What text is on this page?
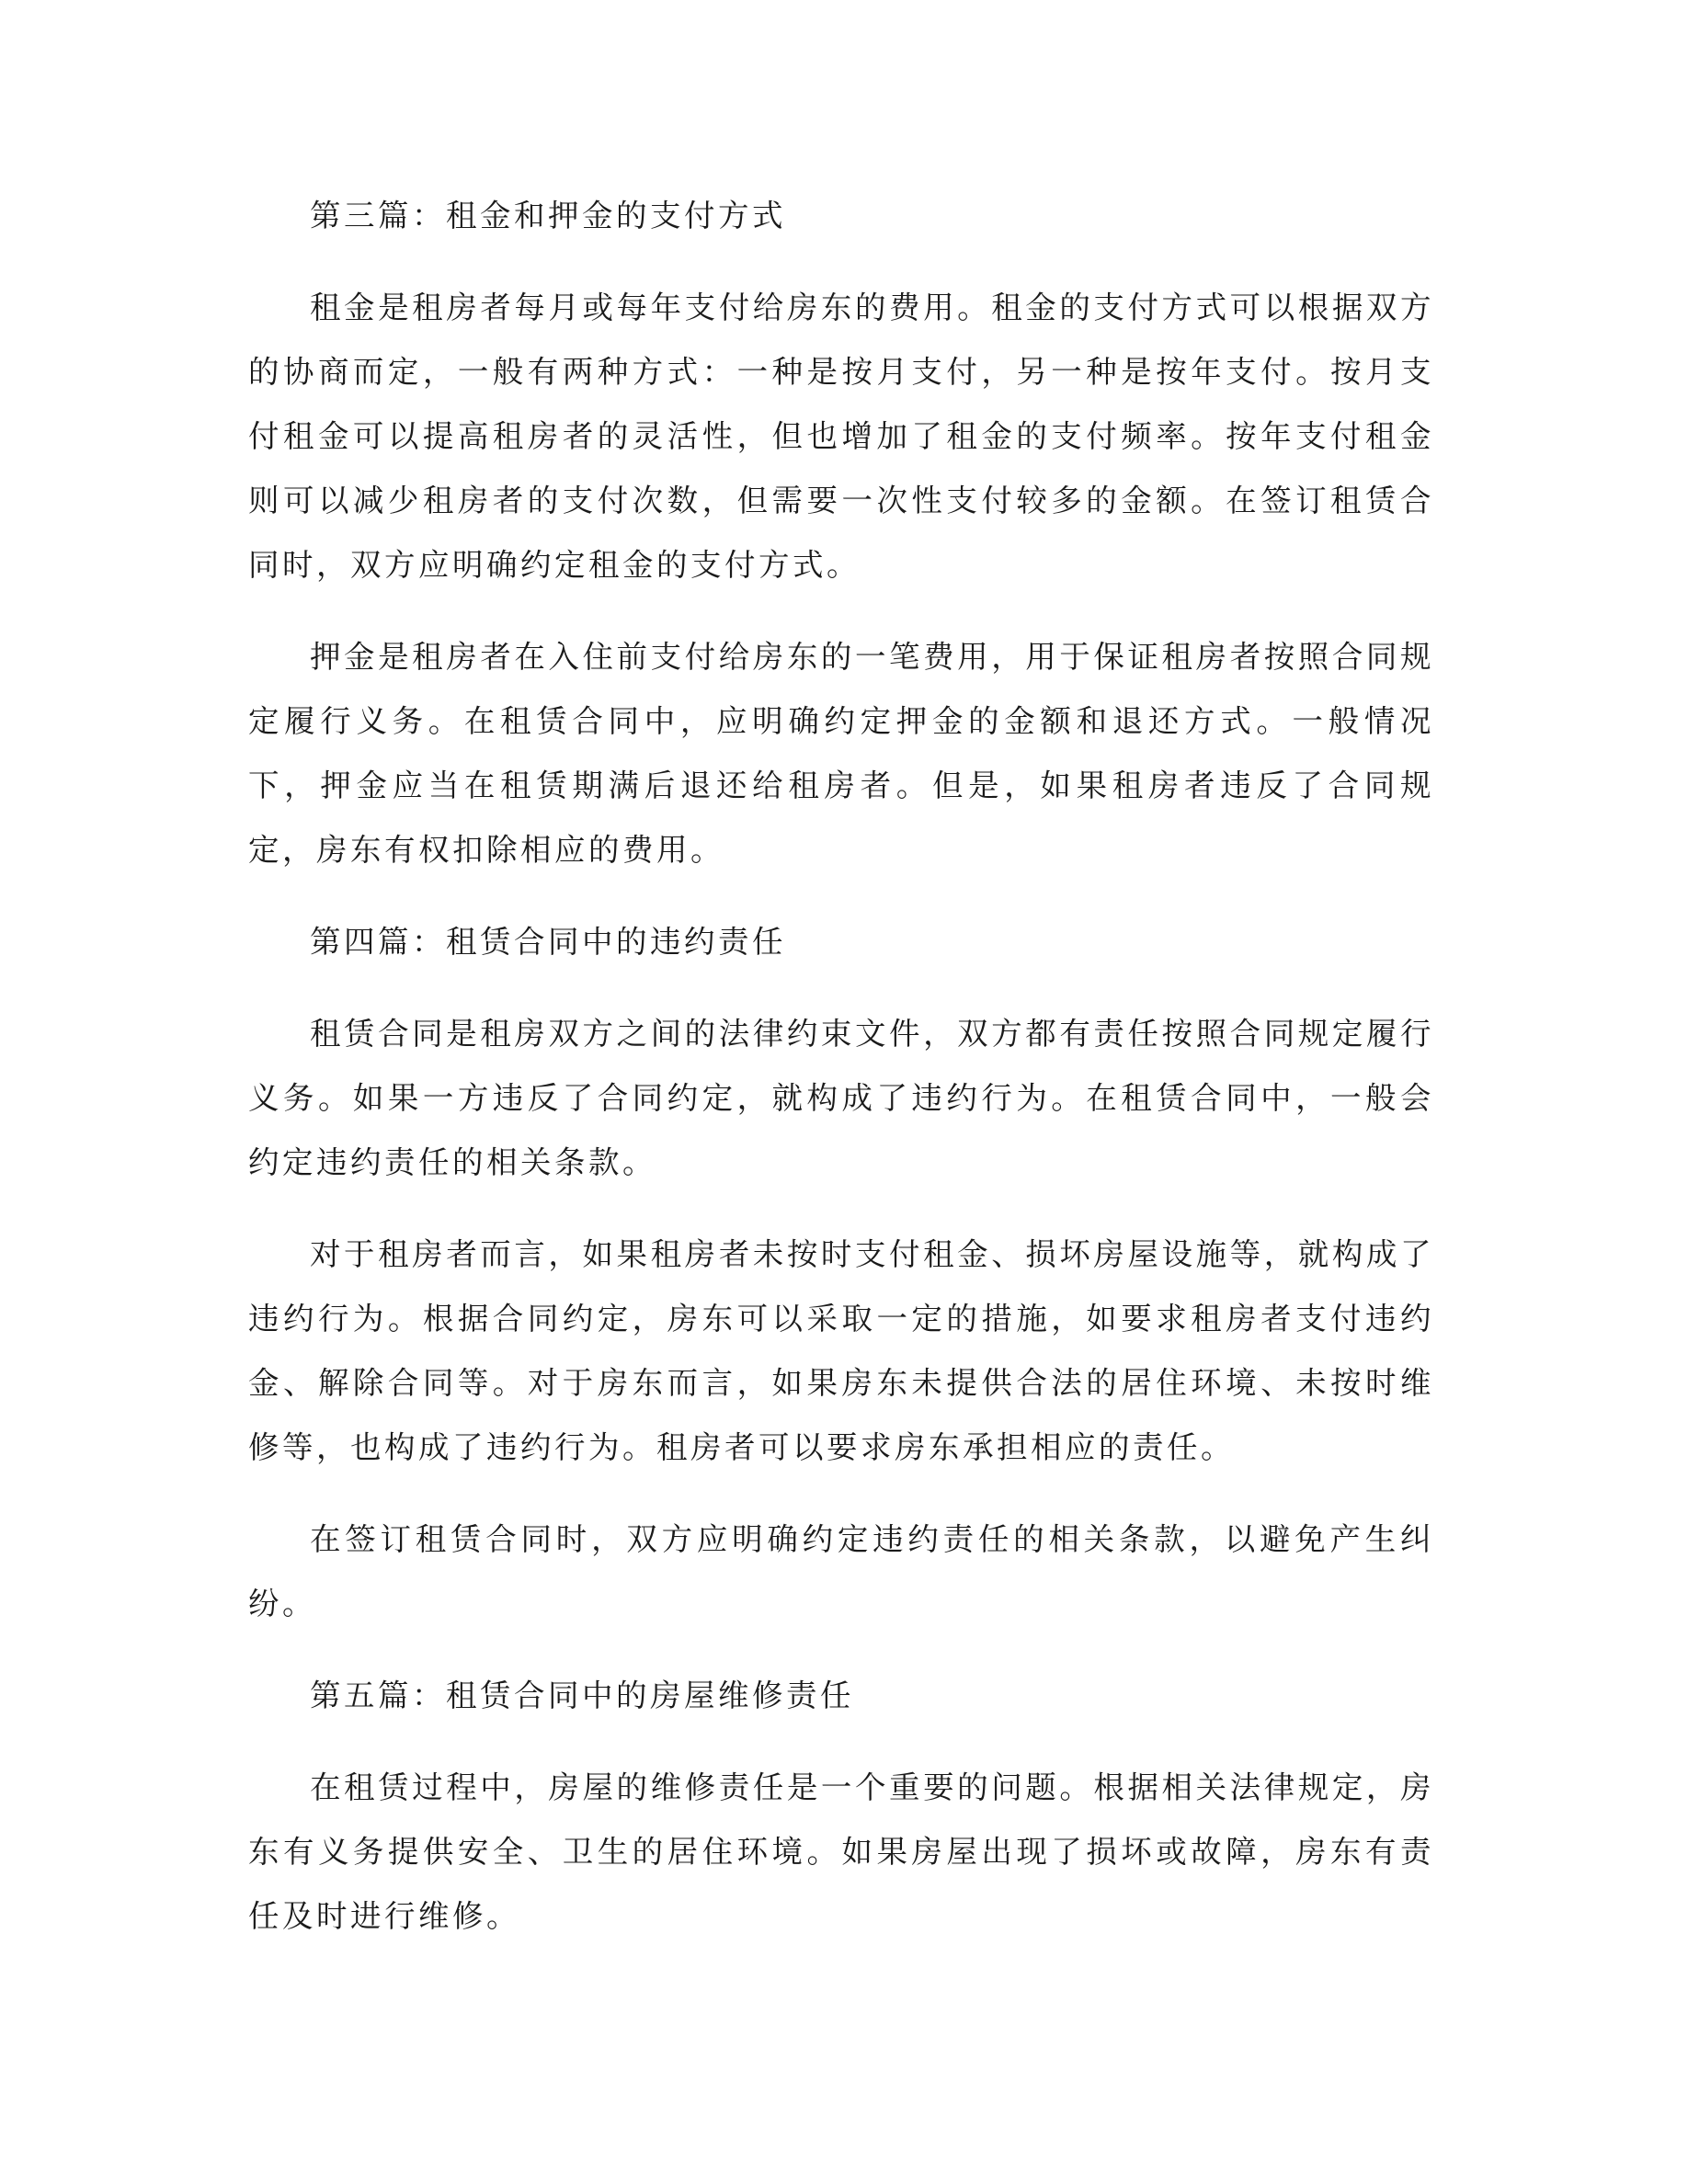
第三篇：租金和押金的支付方式
租金是租房者每月或每年支付给房东的费用。租金的支付方式可以根据双方的协商而定，一般有两种方式：一种是按月支付，另一种是按年支付。按月支付租金可以提高租房者的灵活性，但也增加了租金的支付频率。按年支付租金则可以减少租房者的支付次数，但需要一次性支付较多的金额。在签订租赁合同时，双方应明确约定租金的支付方式。
押金是租房者在入住前支付给房东的一笔费用，用于保证租房者按照合同规定履行义务。在租赁合同中，应明确约定押金的金额和退还方式。一般情况下，押金应当在租赁期满后退还给租房者。但是，如果租房者违反了合同规定，房东有权扣除相应的费用。
第四篇：租赁合同中的违约责任
租赁合同是租房双方之间的法律约束文件，双方都有责任按照合同规定履行义务。如果一方违反了合同约定，就构成了违约行为。在租赁合同中，一般会约定违约责任的相关条款。
对于租房者而言，如果租房者未按时支付租金、损坏房屋设施等，就构成了违约行为。根据合同约定，房东可以采取一定的措施，如要求租房者支付违约金、解除合同等。对于房东而言，如果房东未提供合法的居住环境、未按时维修等，也构成了违约行为。租房者可以要求房东承担相应的责任。
在签订租赁合同时，双方应明确约定违约责任的相关条款，以避免产生纠纷。
第五篇：租赁合同中的房屋维修责任
在租赁过程中，房屋的维修责任是一个重要的问题。根据相关法律规定，房东有义务提供安全、卫生的居住环境。如果房屋出现了损坏或故障，房东有责任及时进行维修。
